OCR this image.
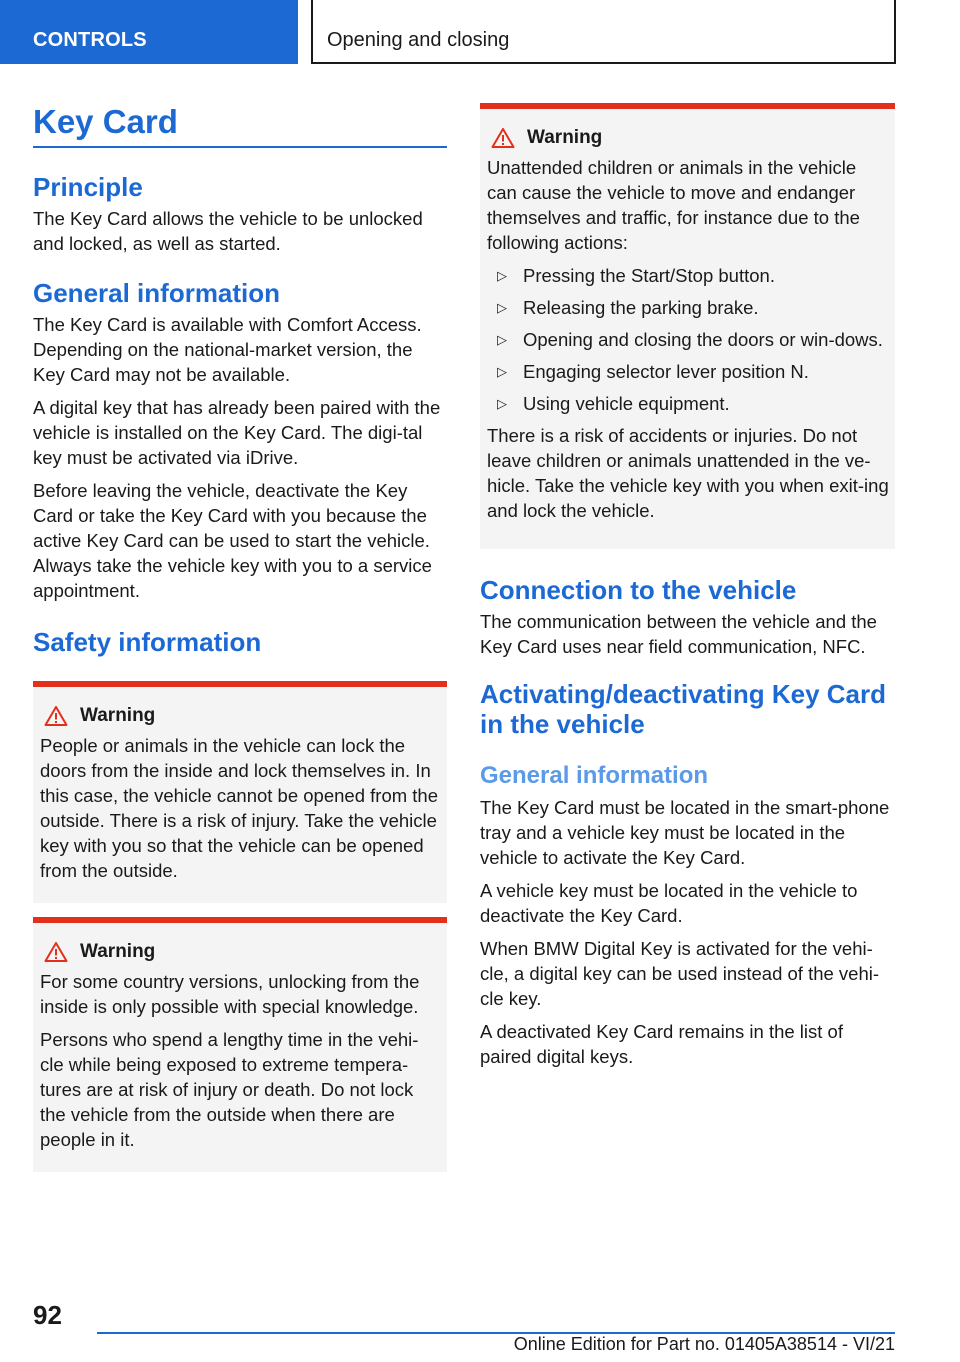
CONTROLS	Opening and closing
Key Card
Principle

The Key Card allows the vehicle to be unlocked and locked, as well as started.

General information

The Key Card is available with Comfort Access. Depending on the national-market version, the Key Card may not be available.

A digital key that has already been paired with the vehicle is installed on the Key Card. The digi-tal key must be activated via iDrive.

Before leaving the vehicle, deactivate the Key Card or take the Key Card with you because the active Key Card can be used to start the vehicle. Always take the vehicle key with you to a service appointment.

Safety information
Warning

People or animals in the vehicle can lock the doors from the inside and lock themselves in. In this case, the vehicle cannot be opened from the outside. There is a risk of injury. Take the vehicle key with you so that the vehicle can be opened from the outside.

Warning

For some country versions, unlocking from the inside is only possible with special knowledge.

Persons who spend a lengthy time in the vehi-cle while being exposed to extreme tempera-tures are at risk of injury or death. Do not lock the vehicle from the outside when there are people in it.

Warning

Unattended children or animals in the vehicle can cause the vehicle to move and endanger themselves and traffic, for instance due to the following actions:

▷ Pressing the Start/Stop button.
▷ Releasing the parking brake.
▷ Opening and closing the doors or win-dows.
▷ Engaging selector lever position N.
▷ Using vehicle equipment.

There is a risk of accidents or injuries. Do not leave children or animals unattended in the ve-hicle. Take the vehicle key with you when exit-ing and lock the vehicle.

Connection to the vehicle

The communication between the vehicle and the Key Card uses near field communication, NFC.

Activating/deactivating Key Card in the vehicle
General information

The Key Card must be located in the smart-phone tray and a vehicle key must be located in the vehicle to activate the Key Card.

A vehicle key must be located in the vehicle to deactivate the Key Card.

When BMW Digital Key is activated for the vehi-cle, a digital key can be used instead of the vehi-cle key.

A deactivated Key Card remains in the list of paired digital keys.

92
Online Edition for Part no. 01405A38514 - VI/21
